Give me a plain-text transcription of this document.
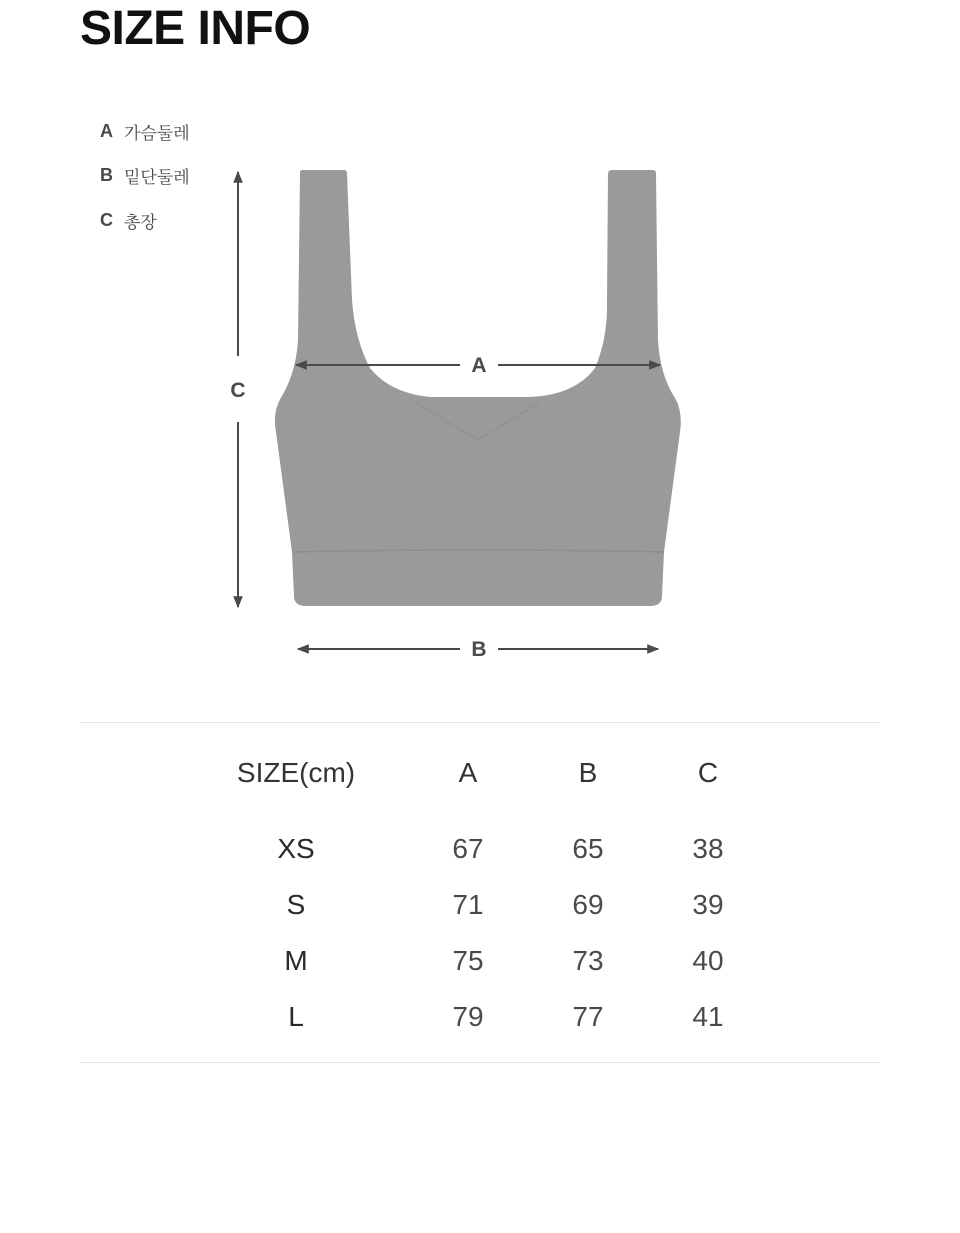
SIZE INFO
A 가슴둘레
B 밑단둘레
C 총장
A
B
C
SIZE(cm)	A	B	C
XS	67	65	38
S	71	69	39
M	75	73	40
L	79	77	41
